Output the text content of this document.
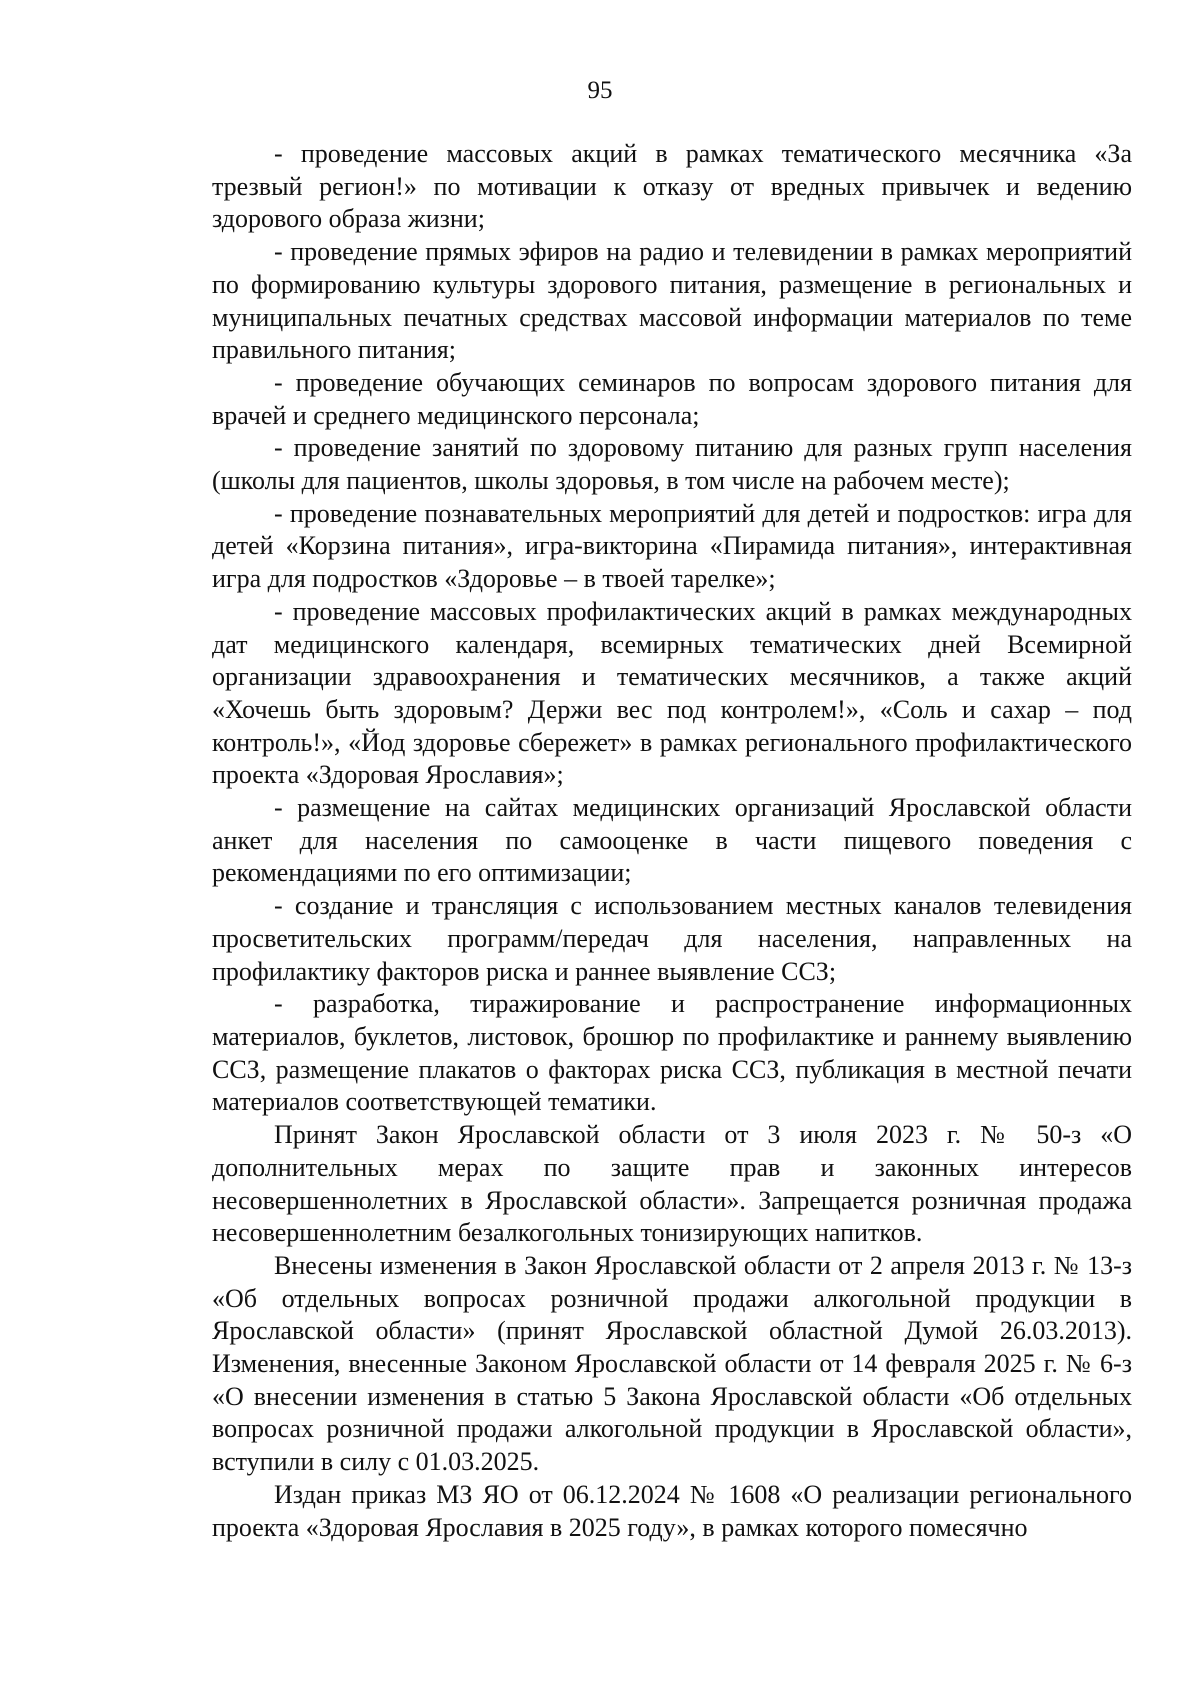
95

- проведение массовых акций в рамках тематического месячника «За трезвый регион!» по мотивации к отказу от вредных привычек и ведению здорового образа жизни;

- проведение прямых эфиров на радио и телевидении в рамках мероприятий по формированию культуры здорового питания, размещение в региональных и муниципальных печатных средствах массовой информации материалов по теме правильного питания;

- проведение обучающих семинаров по вопросам здорового питания для врачей и среднего медицинского персонала;

- проведение занятий по здоровому питанию для разных групп населения (школы для пациентов, школы здоровья, в том числе на рабочем месте);

- проведение познавательных мероприятий для детей и подростков: игра для детей «Корзина питания», игра-викторина «Пирамида питания», интерактивная игра для подростков «Здоровье – в твоей тарелке»;

- проведение массовых профилактических акций в рамках международных дат медицинского календаря, всемирных тематических дней Всемирной организации здравоохранения и тематических месячников, а также акций «Хочешь быть здоровым? Держи вес под контролем!», «Соль и сахар – под контроль!», «Йод здоровье сбережет» в рамках регионального профилактического проекта «Здоровая Ярославия»;

- размещение на сайтах медицинских организаций Ярославской области анкет для населения по самооценке в части пищевого поведения с рекомендациями по его оптимизации;

- создание и трансляция с использованием местных каналов телевидения просветительских программ/передач для населения, направленных на профилактику факторов риска и раннее выявление ССЗ;

- разработка, тиражирование и распространение информационных материалов, буклетов, листовок, брошюр по профилактике и раннему выявлению ССЗ, размещение плакатов о факторах риска ССЗ, публикация в местной печати материалов соответствующей тематики.

Принят Закон Ярославской области от 3 июля 2023 г. № 50-з «О дополнительных мерах по защите прав и законных интересов несовершеннолетних в Ярославской области». Запрещается розничная продажа несовершеннолетним безалкогольных тонизирующих напитков.

Внесены изменения в Закон Ярославской области от 2 апреля 2013 г. № 13-з «Об отдельных вопросах розничной продажи алкогольной продукции в Ярославской области» (принят Ярославской областной Думой 26.03.2013). Изменения, внесенные Законом Ярославской области от 14 февраля 2025 г. № 6-з «О внесении изменения в статью 5 Закона Ярославской области «Об отдельных вопросах розничной продажи алкогольной продукции в Ярославской области», вступили в силу с 01.03.2025.

Издан приказ МЗ ЯО от 06.12.2024 № 1608 «О реализации регионального проекта «Здоровая Ярославия в 2025 году», в рамках которого помесячно
